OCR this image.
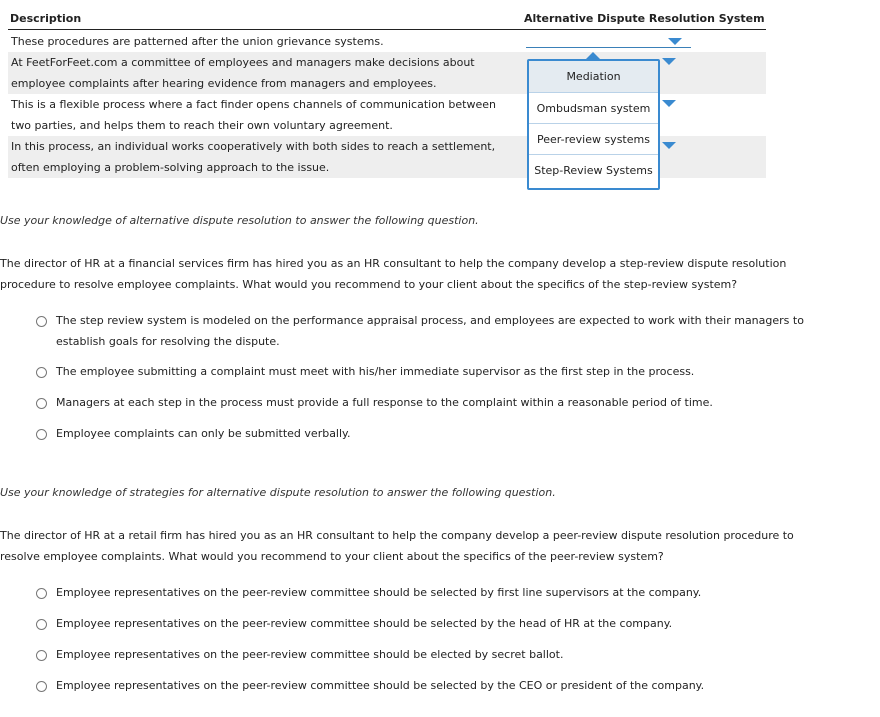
Description	Alternative Dispute Resolution System
These procedures are patterned after the union grievance systems.
At FeetForFeet.com a committee of employees and managers make decisions about
employee complaints after hearing evidence from managers and employees.
This is a flexible process where a fact finder opens channels of communication between
two parties, and helps them to reach their own voluntary agreement.
In this process, an individual works cooperatively with both sides to reach a settlement,
often employing a problem-solving approach to the issue.
Mediation
Ombudsman system
Peer-review systems
Step-Review Systems
Use your knowledge of alternative dispute resolution to answer the following question.
The director of HR at a financial services firm has hired you as an HR consultant to help the company develop a step-review dispute resolution procedure to resolve employee complaints. What would you recommend to your client about the specifics of the step-review system?
The step review system is modeled on the performance appraisal process, and employees are expected to work with their managers to
establish goals for resolving the dispute.
The employee submitting a complaint must meet with his/her immediate supervisor as the first step in the process.
Managers at each step in the process must provide a full response to the complaint within a reasonable period of time.
Employee complaints can only be submitted verbally.
Use your knowledge of strategies for alternative dispute resolution to answer the following question.
The director of HR at a retail firm has hired you as an HR consultant to help the company develop a peer-review dispute resolution procedure to resolve employee complaints. What would you recommend to your client about the specifics of the peer-review system?
Employee representatives on the peer-review committee should be selected by first line supervisors at the company.
Employee representatives on the peer-review committee should be selected by the head of HR at the company.
Employee representatives on the peer-review committee should be elected by secret ballot.
Employee representatives on the peer-review committee should be selected by the CEO or president of the company.
